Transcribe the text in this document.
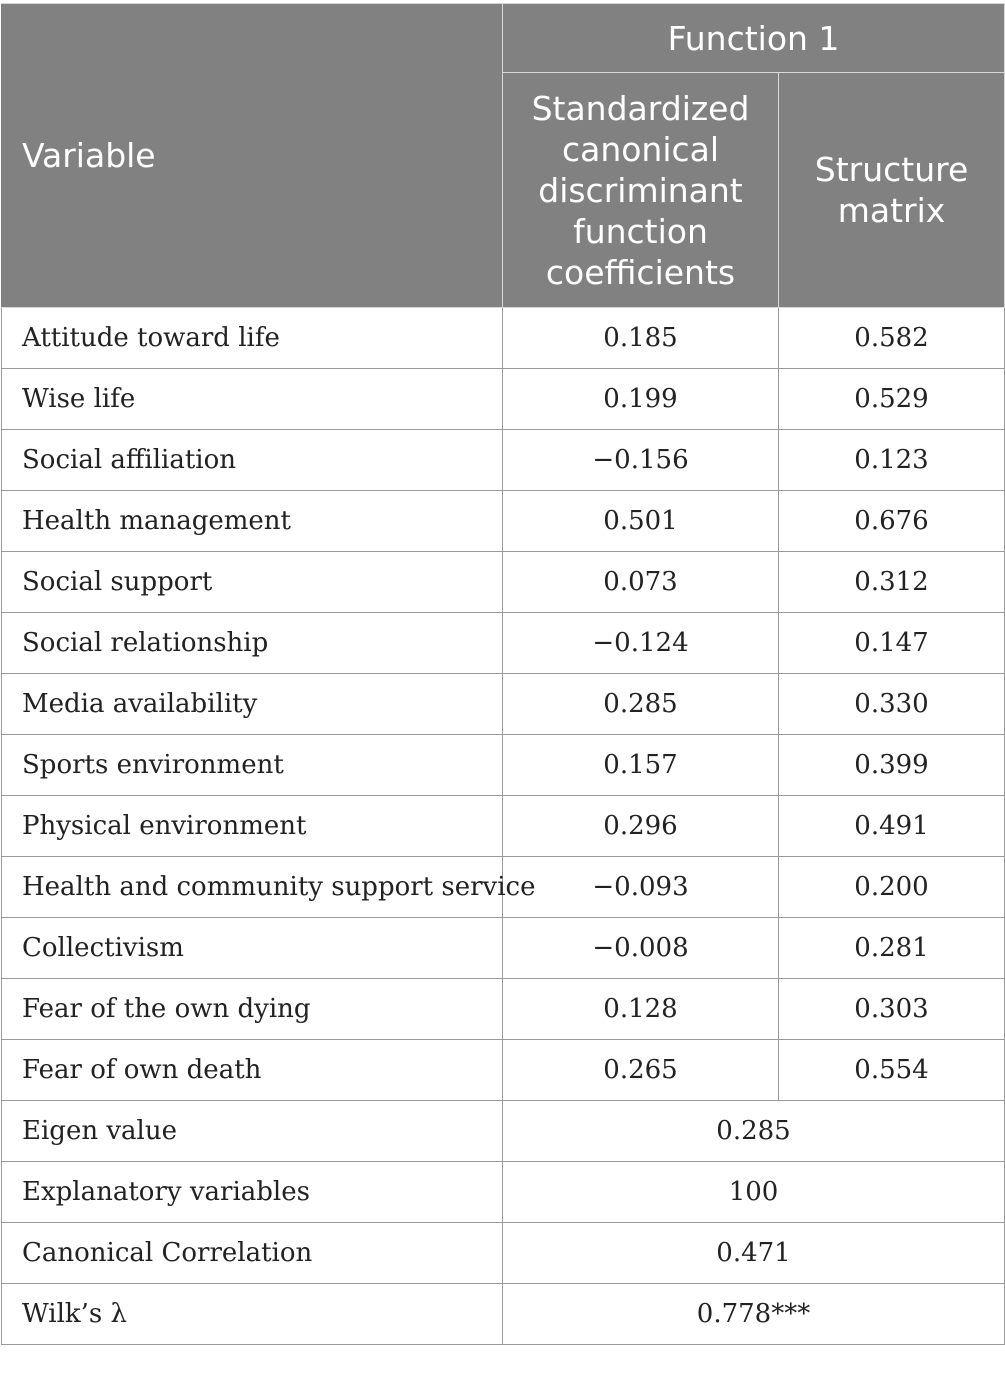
Variable	Function 1	
	Standardized canonical discriminant function coefficients	Structure matrix
Attitude toward life	0.185	0.582
Wise life	0.199	0.529
Social affiliation	−0.156	0.123
Health management	0.501	0.676
Social support	0.073	0.312
Social relationship	−0.124	0.147
Media availability	0.285	0.330
Sports environment	0.157	0.399
Physical environment	0.296	0.491
Health and community support service	−0.093	0.200
Collectivism	−0.008	0.281
Fear of the own dying	0.128	0.303
Fear of own death	0.265	0.554
Eigen value	0.285	
Explanatory variables	100	
Canonical Correlation	0.471	
Wilk’s λ	0.778***	
